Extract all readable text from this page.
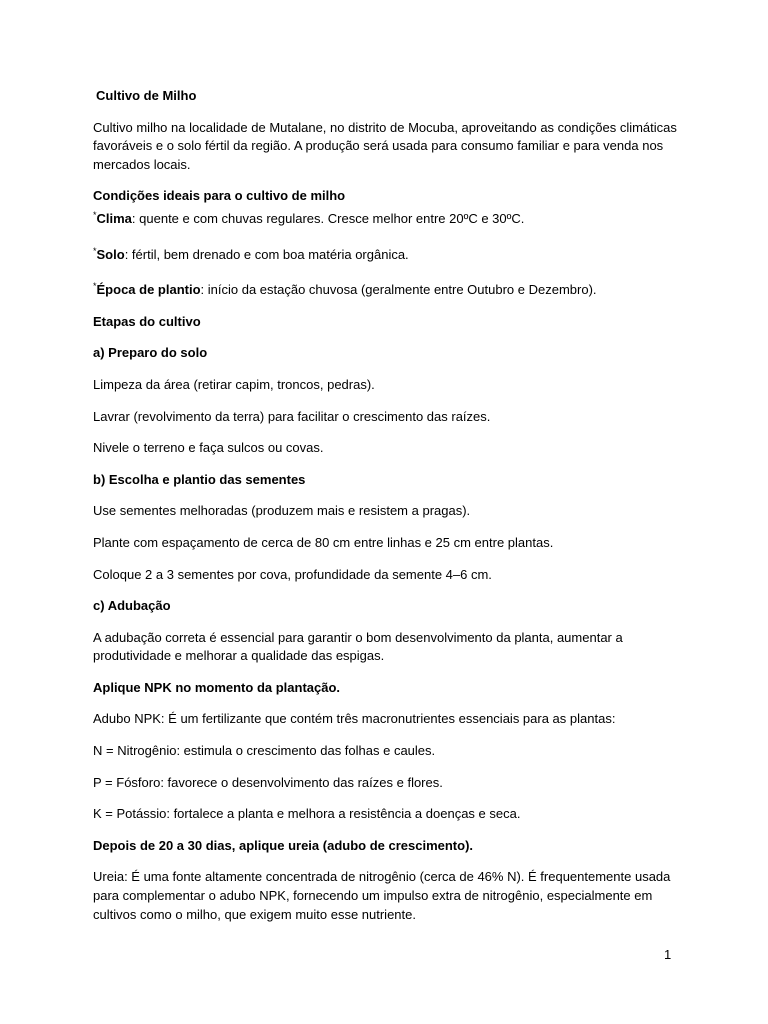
Cultivo de Milho

Cultivo milho na localidade de Mutalane, no distrito de Mocuba, aproveitando as condições climáticas favoráveis e o solo fértil da região. A produção será usada para consumo familiar e para venda nos mercados locais.

Condições ideais para o cultivo de milho

*Clima: quente e com chuvas regulares. Cresce melhor entre 20ºC e 30ºC.

*Solo: fértil, bem drenado e com boa matéria orgânica.

*Época de plantio: início da estação chuvosa (geralmente entre Outubro e Dezembro).

Etapas do cultivo

a) Preparo do solo

Limpeza da área (retirar capim, troncos, pedras).

Lavrar (revolvimento da terra) para facilitar o crescimento das raízes.

Nivele o terreno e faça sulcos ou covas.

b) Escolha e plantio das sementes

Use sementes melhoradas (produzem mais e resistem a pragas).

Plante com espaçamento de cerca de 80 cm entre linhas e 25 cm entre plantas.

Coloque 2 a 3 sementes por cova, profundidade da semente 4–6 cm.

c) Adubação

A adubação correta é essencial para garantir o bom desenvolvimento da planta, aumentar a produtividade e melhorar a qualidade das espigas.

Aplique NPK no momento da plantação.

Adubo NPK: É um fertilizante que contém três macronutrientes essenciais para as plantas:

N = Nitrogênio: estimula o crescimento das folhas e caules.

P = Fósforo: favorece o desenvolvimento das raízes e flores.

K = Potássio: fortalece a planta e melhora a resistência a doenças e seca.

Depois de 20 a 30 dias, aplique ureia (adubo de crescimento).

Ureia: É uma fonte altamente concentrada de nitrogênio (cerca de 46% N). É frequentemente usada para complementar o adubo NPK, fornecendo um impulso extra de nitrogênio, especialmente em cultivos como o milho, que exigem muito esse nutriente.

1
